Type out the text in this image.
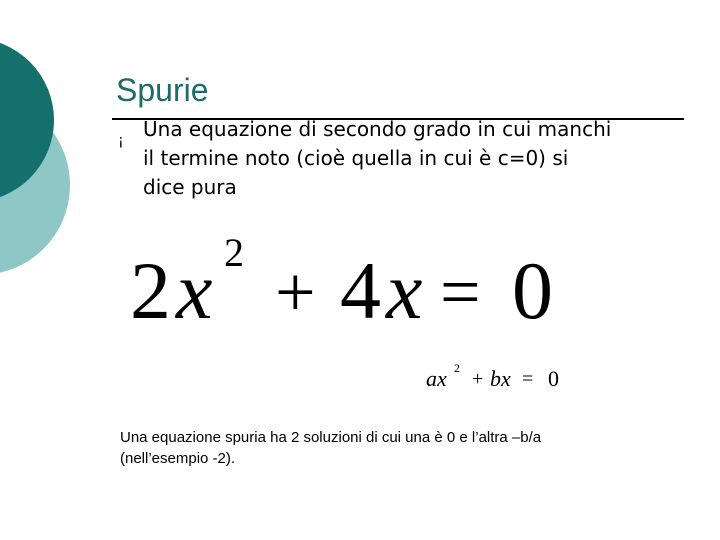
Spurie
¡ Una equazione di secondo grado in cui manchi il termine noto (cioè quella in cui è c=0) si dice pura

2 x 2 + 4 x = 0
ax 2 + bx = 0

Una equazione spuria ha 2 soluzioni di cui una è 0 e l’altra –b/a (nell’esempio -2).
